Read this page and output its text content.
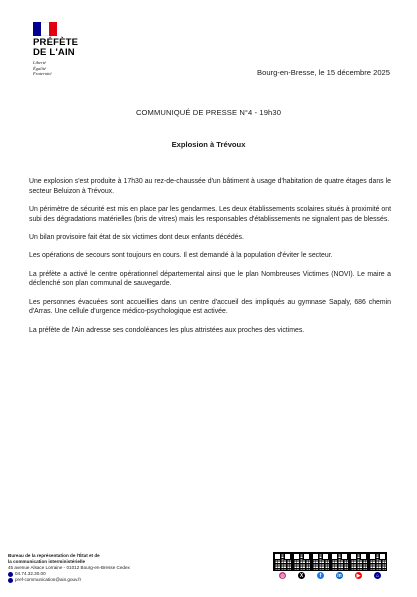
PRÉFÈTE
DE L'AIN
Liberté
Égalité
Fraternité	Bourg-en-Bresse, le 15 décembre 2025
COMMUNIQUÉ DE PRESSE N°4 - 19h30
Explosion à Trévoux

Une explosion s'est produite à 17h30 au rez-de-chaussée d'un bâtiment à usage d'habitation de quatre étages dans le secteur Beluizon à Trévoux.

Un périmètre de sécurité est mis en place par les gendarmes. Les deux établissements scolaires situés à proximité ont subi des dégradations matérielles (bris de vitres) mais les responsables d'établissements ne signalent pas de blessés.

Un bilan provisoire fait état de six victimes dont deux enfants décédés.

Les opérations de secours sont toujours en cours. Il est demandé à la population d'éviter le secteur.

La préfète a activé le centre opérationnel départemental ainsi que le plan Nombreuses Victimes (NOVI). Le maire a déclenché son plan communal de sauvegarde.

Les personnes évacuées sont accueillies dans un centre d'accueil des impliqués au gymnase Sapaly, 686 chemin d'Arras. Une cellule d'urgence médico-psychologique est activée.

La préfète de l'Ain adresse ses condoléances les plus attristées aux proches des victimes.

Bureau de la représentation de l'État et de
la communication interministérielle
45 avenue Alsace Lorraine - 01012 Bourg-en-Bresse Cedex
04.74.32.30.00
pref-communication@ain.gouv.fr
◎	X	f	in	▶	⌂
